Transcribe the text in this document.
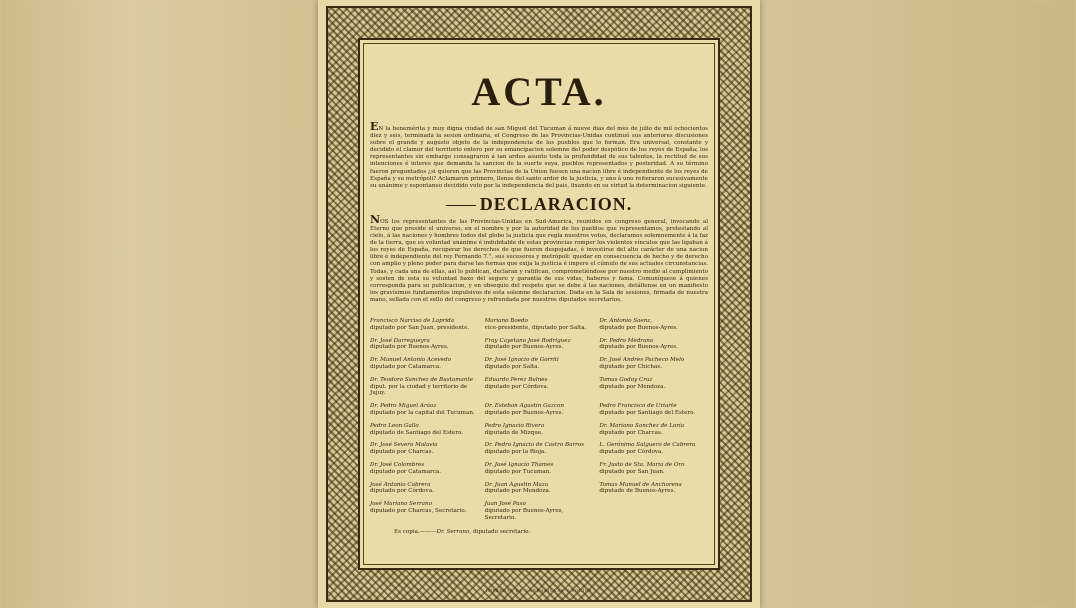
ACTA.

EN la benemérita y muy digna ciudad de san Miguel del Tucuman á nueve dias del mes de julio de mil ochocientos diez y seis, terminada la sesion ordinaria, el Congreso de las Provincias-Unidas continuó sus anteriores discusiones sobre el grande y augusto objeto de la independencia de los pueblos que lo forman. Era universal, constante y decidido el clamor del territorio entero por su emancipacion solemne del poder despótico de los reyes de España; los representantes sin embargo consagraron á tan arduo asunto toda la profundidad de sus talentos, la rectitud de sus intenciones é interes que demanda la sancion de la suerte suya, pueblos representados y posteridad. A su término fueron preguntados ¿si quieren que las Provincias de la Union fuesen una nacion libre é independiente de los reyes de España y su metrópoli? Aclamaron primero, llenos del santo ardor de la justicia, y uno á uno reiteraron sucesivamente su unánime y espontaneo decidido voto por la independencia del pais, fixando en su virtud la determinacion siguiente.

DECLARACION.

NOS los representantes de las Provincias-Unidas en Sud-America, reunidos en congreso general, invocando al Eterno que preside el universo, en el nombre y por la autoridad de los pueblos que representamos, protestando al cielo, á las naciones y hombres todos del globo la justicia que regla nuestros votos, declaramos solemnemente á la faz de la tierra, que es voluntad unánime é indubitable de estas provincias romper los violentos vínculos que las ligaban á los reyes de España, recuperar los derechos de que fueron despojadas, é investirse del alto carácter de una nacion libre é independiente del rey Fernando 7.°, sus sucesores y metrópoli: quedar en consecuencia de hecho y de derecho con amplio y pleno poder para darse las formas que exija la justicia é impere el cúmulo de sus actuales circunstancias. Todas, y cada una de ellas, asi lo publican, declaran y ratifican, comprometiéndose por nuestro medio al cumplimiento y sosten de esta su voluntad baxo del seguro y garantía de sus vidas, haberes y fama. Comuníquese á quienes corresponda para su publicacion, y en obsequio del respeto que se debe á las naciones, detállense en un manifiesto los gravísimos fundamentos impulsivos de esta solemne declaracion. Dada en la Sala de sesiones, firmada de nuestra mano, sellada con el sello del congreso y refrendada por nuestros diputados secretarios.

Francisco Narciso de Laprida
diputado por San Juan, presidente.
Mariano Boedo
vice-presidente, diputado por Salta.
Dr. Antonio Saenz,
diputado por Buenos-Ayres.
Dr. José Darregueyra
diputado por Buenos-Ayres.
Fray Cayetano José Rodriguez
diputado por Buenos-Ayres.
Dr. Pedro Medrano
diputado por Buenos-Ayres.
Dr. Manuel Antonio Acevedo
diputado por Catamarca.
Dr. José Ignacio de Gorriti
diputado por Salta.
Dr. José Andres Pacheco Melo
diputado por Chichas.
Dr. Teodoro Sanchez de Bustamante
diput. por la ciudad y territorio de Jujuy.
Eduardo Perez Bulnes
diputado por Córdova.
Tomas Godoy Cruz
diputado por Mendoza.
Dr. Pedro Miguel Aráoz
diputado por la capital del Tucuman.
Dr. Esteban Agustin Gazcon
diputado por Buenos-Ayres.
Pedro Francisco de Uriarte
diputado por Santiago del Estero.
Pedro Leon Gallo
diputado de Santiago del Estero.
Pedro Ignacio Rivera
diputado de Mizque.
Dr. Mariano Sanchez de Loria
diputado por Charcas.
Dr. José Severo Malavia
diputado por Charcas.
Dr. Pedro Ignacio de Castro Barros
diputado por la Rioja.
L. Gerónimo Salguero de Cabrera
diputado por Córdova.
Dr. José Colombres
diputado por Catamarca.
Dr. José Ignacio Thames
diputado por Tucuman.
Fr. Justo de Sta. Maria de Oro
diputado por San Juan.
José Antonio Cabrera
diputado por Córdova.
Dr. Juan Agustin Maza
diputado por Mendoza.
Tomas Manuel de Anchorena
diputado de Buenos-Ayres.
José Mariano Serrano
diputado por Charcas, Secretario.
Juan José Paso
diputado por Buenos-Ayres, Secretario.
Es copia.———Dr. Serrano, diputado secretario.
IMPRENTA DE GANDARILLAS Y SOCIOS
